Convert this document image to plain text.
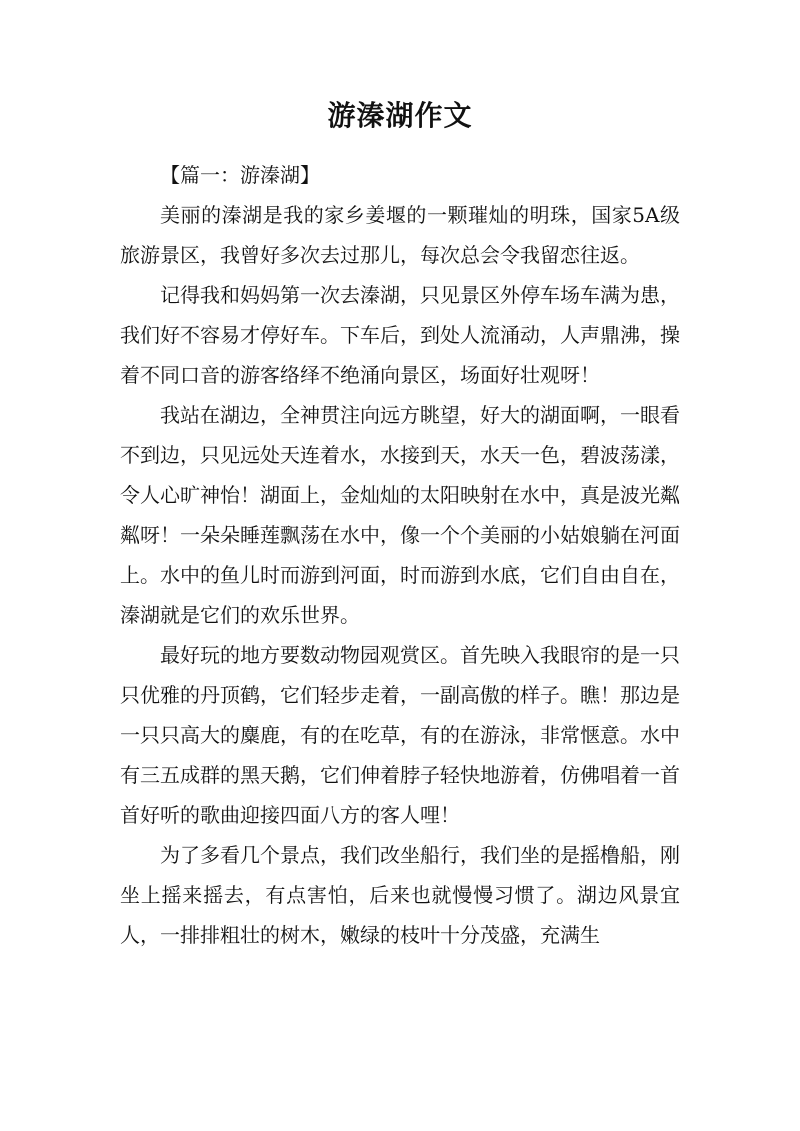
游溱湖作文

【篇一：游溱湖】

美丽的溱湖是我的家乡姜堰的一颗璀灿的明珠，国家5A级旅游景区，我曾好多次去过那儿，每次总会令我留恋往返。

记得我和妈妈第一次去溱湖，只见景区外停车场车满为患，我们好不容易才停好车。下车后，到处人流涌动，人声鼎沸，操着不同口音的游客络绎不绝涌向景区，场面好壮观呀！

我站在湖边，全神贯注向远方眺望，好大的湖面啊，一眼看不到边，只见远处天连着水，水接到天，水天一色，碧波荡漾，令人心旷神怡！湖面上，金灿灿的太阳映射在水中，真是波光粼粼呀！一朵朵睡莲飘荡在水中，像一个个美丽的小姑娘躺在河面上。水中的鱼儿时而游到河面，时而游到水底，它们自由自在，溱湖就是它们的欢乐世界。

最好玩的地方要数动物园观赏区。首先映入我眼帘的是一只只优雅的丹顶鹤，它们轻步走着，一副高傲的样子。瞧！那边是一只只高大的麋鹿，有的在吃草，有的在游泳，非常惬意。水中有三五成群的黑天鹅，它们伸着脖子轻快地游着，仿佛唱着一首首好听的歌曲迎接四面八方的客人哩！

为了多看几个景点，我们改坐船行，我们坐的是摇橹船，刚坐上摇来摇去，有点害怕，后来也就慢慢习惯了。湖边风景宜人，一排排粗壮的树木，嫩绿的枝叶十分茂盛，充满生
